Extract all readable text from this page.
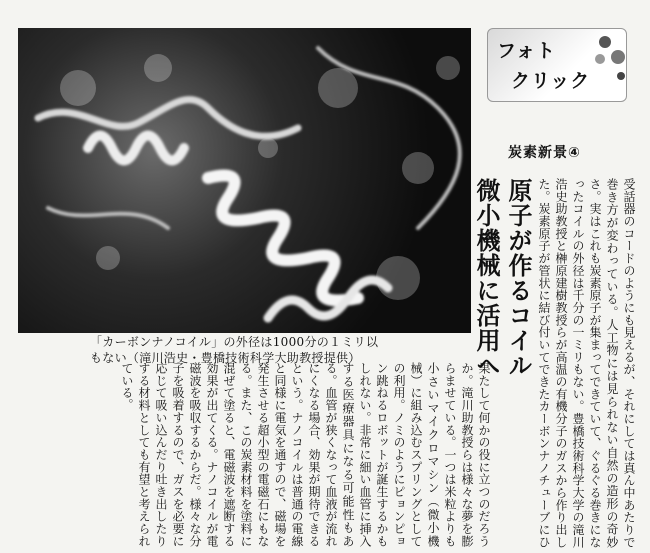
「カーボンナノコイル」の外径は1000分の１ミリ以
もない（滝川浩史・豊橋技術科学大助教授提供）
フォト
クリック
炭素新景④
原子が作るコイル
微小機械に活用へ	受話器のコードのようにも見えるが、それにしては真ん中あたりで巻き方が変わっている。人工物には見られない自然の造形の奇妙さ。実はこれも炭素原子が集まってできていて、ぐるぐる巻きになったコイルの外径は千分の一ミリもない。豊橋技術科学大学の滝川浩史助教授と榊原建樹教授らが高温の有機分子のガスから作り出した。炭素原子が管状に結び付いてできたカーボンナノチューブにひ
果たして何かの役に立つのだろうか。滝川助教授らは様々な夢を膨らませている。一つは米粒よりも小さいマイクロマシン（微小機械）に組み込むスプリングとしての利用。ノミのようにピョンピョン跳ねるロボットが誕生するかもしれない。非常に細い血管に挿入する医療器具になる可能性もある。血管が狭くなって血液が流れにくなる場合、効果が期待できるという。ナノコイルは普通の電線と同様に電気を通すので、磁場を発生させる超小型の電磁石にもなる。また、この炭素材料を塗料に混ぜて塗ると、電磁波を遮断する効果が出てくる。ナノコイルが電磁波を吸収するからだ。様々な分子を吸着するので、ガスを必要に応じて吸い込んだり吐き出したりする材料としても有望と考えられている。
